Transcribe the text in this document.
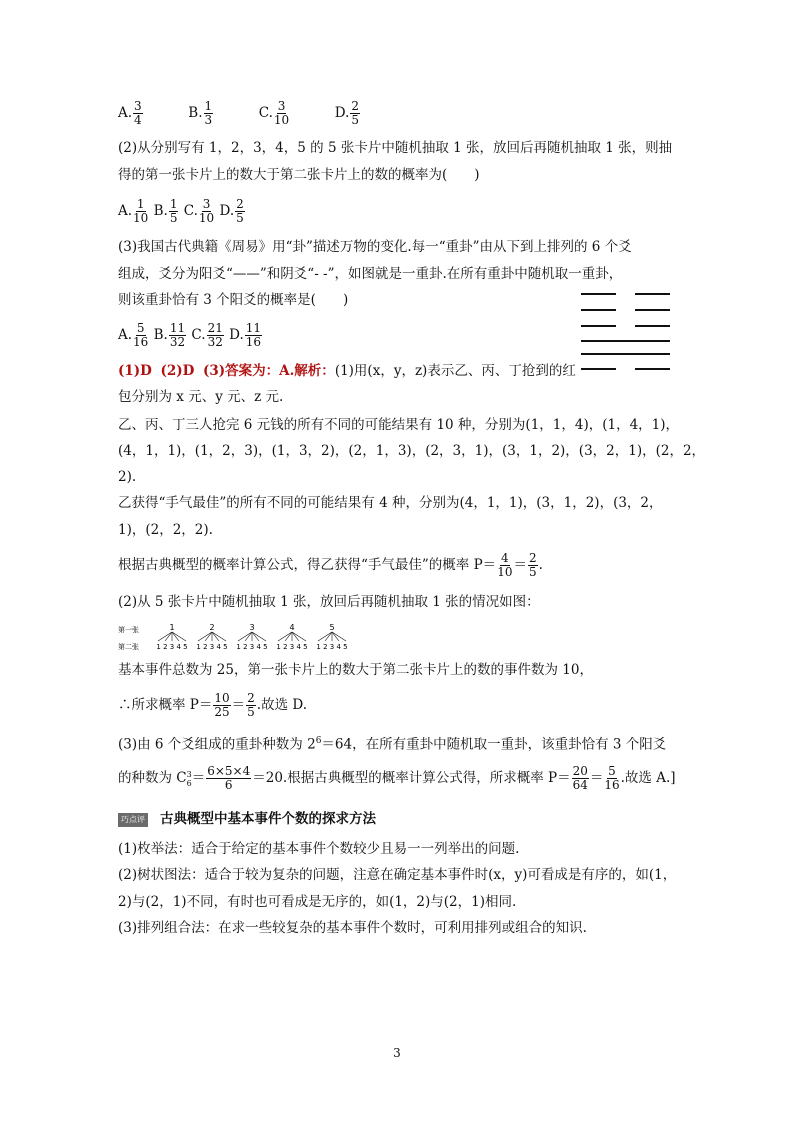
A. $\frac{3}{4}$	B. $\frac{1}{3}$	C. $\frac{3}{10}$	D. $\frac{2}{5}$
(2)从分别写有 1，2，3，4，5 的 5 张卡片中随机抽取 1 张，放回后再随机抽取 1 张，则抽
得的第一张卡片上的数大于第二张卡片上的数的概率为(　　)
A. $\frac{1}{10} B$. $\frac{1}{5} C$. $\frac{3}{10} D$. $\frac{2}{5}$
(3)我国古代典籍《周易》用“卦”描述万物的变化.每一“重卦”由从下到上排列的 6 个爻
组成，爻分为阳爻“——”和阴爻“- -”，如图就是一重卦.在所有重卦中随机取一重卦，
则该重卦恰有 3 个阳爻的概率是(　　)
A. $\frac{5}{16} B$. $\frac{11}{32} C$. $\frac{21}{32} D$. $\frac{11}{16}$
(1)D (2)D (3)答案为：A.解析：(1)用(x，y，z)表示乙、丙、丁抢到的红
包分别为 x 元、y 元、z 元.
乙、丙、丁三人抢完 6 元钱的所有不同的可能结果有 10 种，分别为(1，1，4)，(1，4，1)，
(4，1，1)，(1，2，3)，(1，3，2)，(2，1，3)，(2，3，1)，(3，1，2)，(3，2，1)，(2，2，
2).
乙获得“手气最佳”的所有不同的可能结果有 4 种，分别为(4，1，1)，(3，1，2)，(3，2，
1)，(2，2，2).
根据古典概型的概率计算公式，得乙获得“手气最佳”的概率 $P= \frac{4}{10} = \frac{2}{5}$ .
(2)从 5 张卡片中随机抽取 1 张，放回后再随机抽取 1 张的情况如图：
第一张
第二张
1
1 2 3 4 5
2
1 2 3 4 5
3
1 2 3 4 5
4
1 2 3 4 5
5
1 2 3 4 5
基本事件总数为 25，第一张卡片上的数大于第二张卡片上的数的事件数为 10，
∴所求概率 $P= \frac{10}{25} = \frac{2}{5}$ .故选 D.
(3)由 6 个爻组成的重卦种数为 $2^6=64$，在所有重卦中随机取一重卦，该重卦恰有 3 个阳爻
的种数为 C 3
$6 = \frac{6\times 5\times 4}{6} =20$.根据古典概型的概率计算公式得，所求概率 $P= \frac{20}{64} = \frac{5}{16}$ .故选 A.]
巧点评 古典概型中基本事件个数的探求方法
(1)枚举法：适合于给定的基本事件个数较少且易一一列举出的问题.
(2)树状图法：适合于较为复杂的问题，注意在确定基本事件时(x，y)可看成是有序的，如(1，
2)与(2，1)不同，有时也可看成是无序的，如(1，2)与(2，1)相同.
(3)排列组合法：在求一些较复杂的基本事件个数时，可利用排列或组合的知识.
3
